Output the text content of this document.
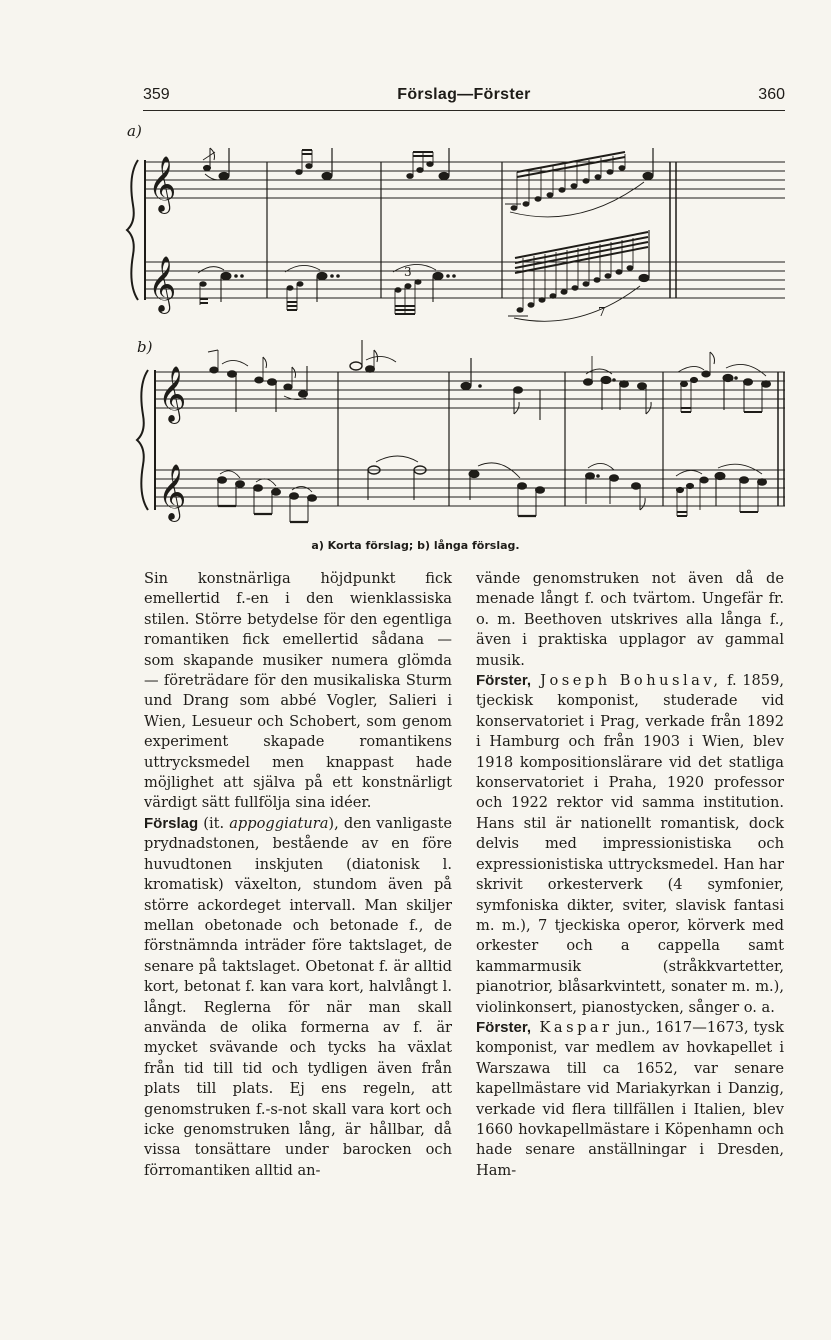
359	Förslag—Förster	360
a)
𝄞
𝄞	3
7
b)
𝄞
𝄞
a) Korta förslag; b) långa förslag.

Sin konstnärliga höjdpunkt fick emellertid f.-en i den wienklassiska stilen. Större betydelse för den egentliga romantiken fick emellertid sådana — som skapande musiker numera glömda — företrädare för den musikaliska Sturm und Drang som abbé Vogler, Salieri i Wien, Lesueur och Schobert, som genom experiment skapade romantikens uttrycksmedel men knappast hade möjlighet att själva på ett konstnärligt värdigt sätt fullfölja sina idéer.

Förslag (it. appoggiatura), den vanligaste prydnadstonen, bestående av en före huvudtonen inskjuten (diatonisk l. kromatisk) växelton, stundom även på större ackordeget intervall. Man skiljer mellan obetonade och betonade f., de förstnämnda inträder före taktslaget, de senare på taktslaget. Obetonat f. är alltid kort, betonat f. kan vara kort, halvlångt l. långt. Reglerna för när man skall använda de olika formerna av f. är mycket svävande och tycks ha växlat från tid till tid och tydligen även från plats till plats. Ej ens regeln, att genomstruken f.-s-not skall vara kort och icke genomstruken lång, är hållbar, då vissa tonsättare under barocken och förromantiken alltid an-

vände genomstruken not även då de menade långt f. och tvärtom. Ungefär fr. o. m. Beethoven utskrives alla långa f., även i praktiska upplagor av gammal musik.

Förster, Joseph Bohuslav, f. 1859, tjeckisk komponist, studerade vid konservatoriet i Prag, verkade från 1892 i Hamburg och från 1903 i Wien, blev 1918 kompositionslärare vid det statliga konservatoriet i Praha, 1920 professor och 1922 rektor vid samma institution. Hans stil är nationellt romantisk, dock delvis med impressionistiska och expressionistiska uttrycksmedel. Han har skrivit orkesterverk (4 symfonier, symfoniska dikter, sviter, slavisk fantasi m. m.), 7 tjeckiska operor, körverk med orkester och a cappella samt kammarmusik (stråkkvartetter, pianotrior, blåsarkvintett, sonater m. m.), violinkonsert, pianostycken, sånger o. a.

Förster, Kaspar jun., 1617—1673, tysk komponist, var medlem av hovkapellet i Warszawa till ca 1652, var senare kapellmästare vid Mariakyrkan i Danzig, verkade vid flera tillfällen i Italien, blev 1660 hovkapellmästare i Köpenhamn och hade senare anställningar i Dresden, Ham-
